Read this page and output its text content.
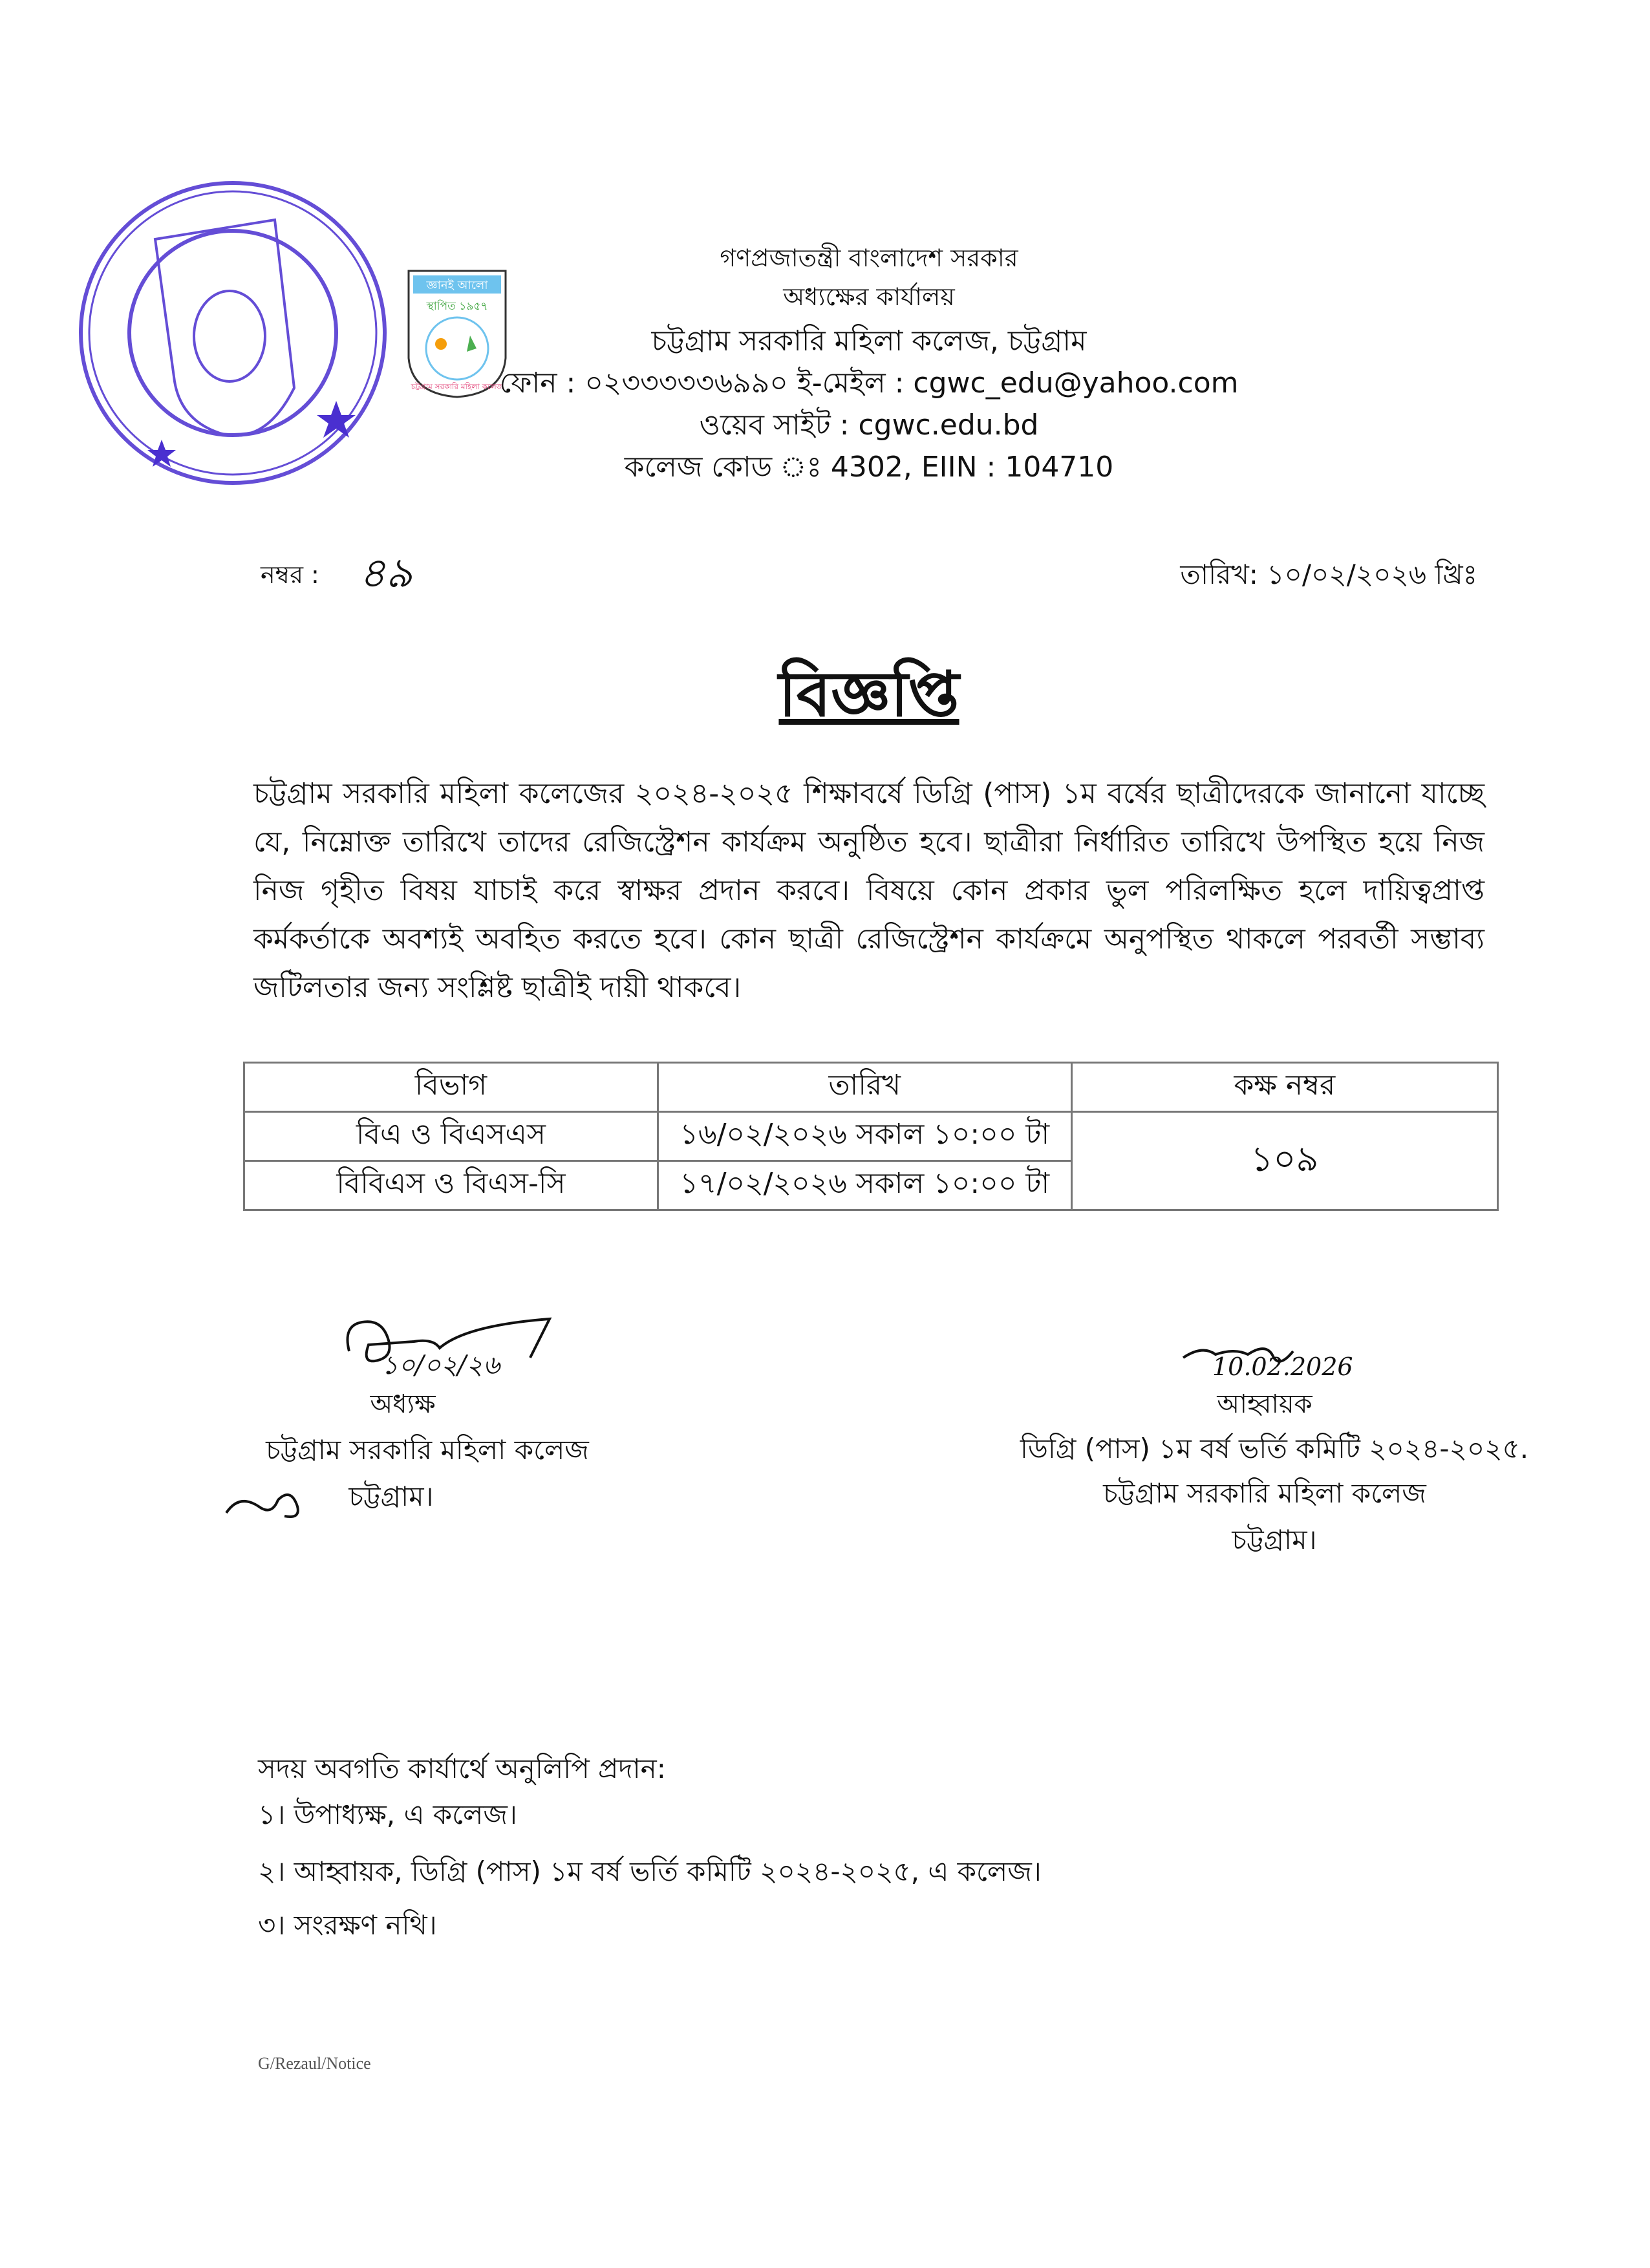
জ্ঞানই আলো
স্থাপিত ১৯৫৭
চট্টগ্রাম সরকারি মহিলা কলেজ
গণপ্রজাতন্ত্রী বাংলাদেশ সরকার
অধ্যক্ষের কার্যালয়
চট্টগ্রাম সরকারি মহিলা কলেজ, চট্টগ্রাম
ফোন : ০২৩৩৩৩৩৬৯৯০ ই-মেইল : cgwc_edu@yahoo.com
ওয়েব সাইট : cgwc.edu.bd
কলেজ কোড ঃ 4302, EIIN : 104710
নম্বর : ৪৯	তারিখ: ১০/০২/২০২৬ খ্রিঃ
বিজ্ঞপ্তি
চট্টগ্রাম সরকারি মহিলা কলেজের ২০২৪-২০২৫ শিক্ষাবর্ষে ডিগ্রি (পাস) ১ম বর্ষের ছাত্রীদেরকে জানানো যাচ্ছে যে, নিম্নোক্ত তারিখে তাদের রেজিস্ট্রেশন কার্যক্রম অনুষ্ঠিত হবে। ছাত্রীরা নির্ধারিত তারিখে উপস্থিত হয়ে নিজ নিজ গৃহীত বিষয় যাচাই করে স্বাক্ষর প্রদান করবে। বিষয়ে কোন প্রকার ভুল পরিলক্ষিত হলে দায়িত্বপ্রাপ্ত কর্মকর্তাকে অবশ্যই অবহিত করতে হবে। কোন ছাত্রী রেজিস্ট্রেশন কার্যক্রমে অনুপস্থিত থাকলে পরবর্তী সম্ভাব্য জটিলতার জন্য সংশ্লিষ্ট ছাত্রীই দায়ী থাকবে।
বিভাগ	তারিখ	কক্ষ নম্বর
বিএ ও বিএসএস	১৬/০২/২০২৬ সকাল ১০:০০ টা	১০৯
বিবিএস ও বিএস-সি	১৭/০২/২০২৬ সকাল ১০:০০ টা	
১০/০২/২৬
অধ্যক্ষ
চট্টগ্রাম সরকারি মহিলা কলেজ
চট্টগ্রাম।
10.02.2026
আহ্বায়ক
ডিগ্রি (পাস) ১ম বর্ষ ভর্তি কমিটি ২০২৪-২০২৫.
চট্টগ্রাম সরকারি মহিলা কলেজ
চট্টগ্রাম।
সদয় অবগতি কার্যার্থে অনুলিপি প্রদান:
১। উপাধ্যক্ষ, এ কলেজ।
২। আহ্বায়ক, ডিগ্রি (পাস) ১ম বর্ষ ভর্তি কমিটি ২০২৪-২০২৫, এ কলেজ।
৩। সংরক্ষণ নথি।
G/Rezaul/Notice
